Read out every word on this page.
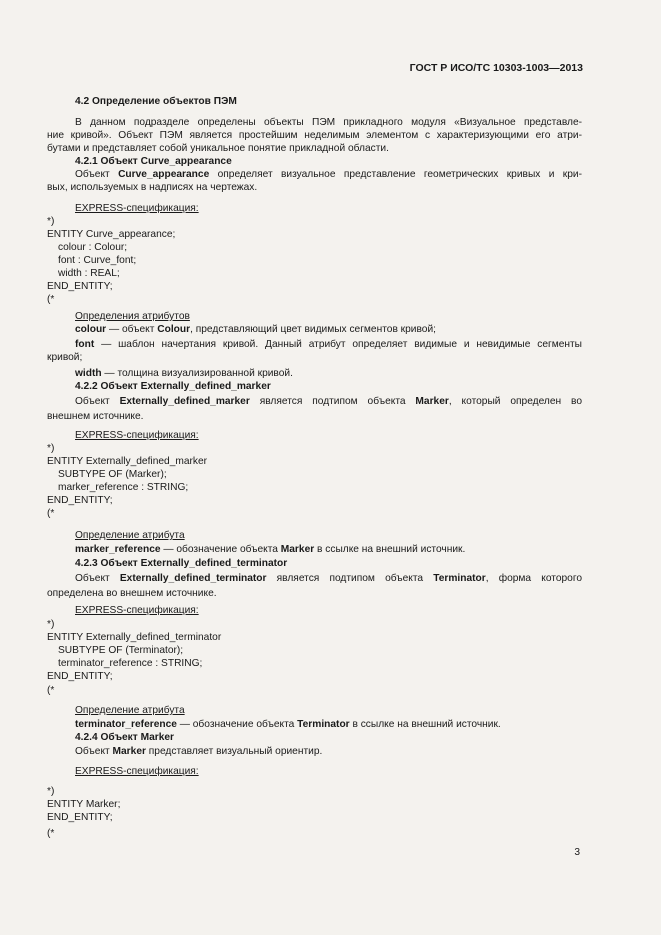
ГОСТ Р ИСО/ТС 10303-1003—2013
4.2 Определение объектов ПЭМ
В данном подразделе определены объекты ПЭМ прикладного модуля «Визуальное представле-
ние кривой». Объект ПЭМ является простейшим неделимым элементом с характеризующими его атри-
бутами и представляет собой уникальное понятие прикладной области.
4.2.1 Объект Curve_appearance
Объект Curve_appearance определяет визуальное представление геометрических кривых и кри-
вых, используемых в надписях на чертежах.
EXPRESS-спецификация:
*)
ENTITY Curve_appearance;
colour : Colour;
font : Curve_font;
width : REAL;
END_ENTITY;
(*
Определения атрибутов
colour — объект Colour, представляющий цвет видимых сегментов кривой;
font — шаблон начертания кривой. Данный атрибут определяет видимые и невидимые сегменты
кривой;
width — толщина визуализированной кривой.
4.2.2 Объект Externally_defined_marker
Объект Externally_defined_marker является подтипом объекта Marker, который определен во
внешнем источнике.
EXPRESS-спецификация:
*)
ENTITY Externally_defined_marker
SUBTYPE OF (Marker);
marker_reference : STRING;
END_ENTITY;
(*
Определение атрибута
marker_reference — обозначение объекта Marker в ссылке на внешний источник.
4.2.3 Объект Externally_defined_terminator
Объект Externally_defined_terminator является подтипом объекта Terminator, форма которого
определена во внешнем источнике.
EXPRESS-спецификация:
*)
ENTITY Externally_defined_terminator
SUBTYPE OF (Terminator);
terminator_reference : STRING;
END_ENTITY;
(*
Определение атрибута
terminator_reference — обозначение объекта Terminator в ссылке на внешний источник.
4.2.4 Объект Marker
Объект Marker представляет визуальный ориентир.
EXPRESS-спецификация:
*)
ENTITY Marker;
END_ENTITY;
(*
3
